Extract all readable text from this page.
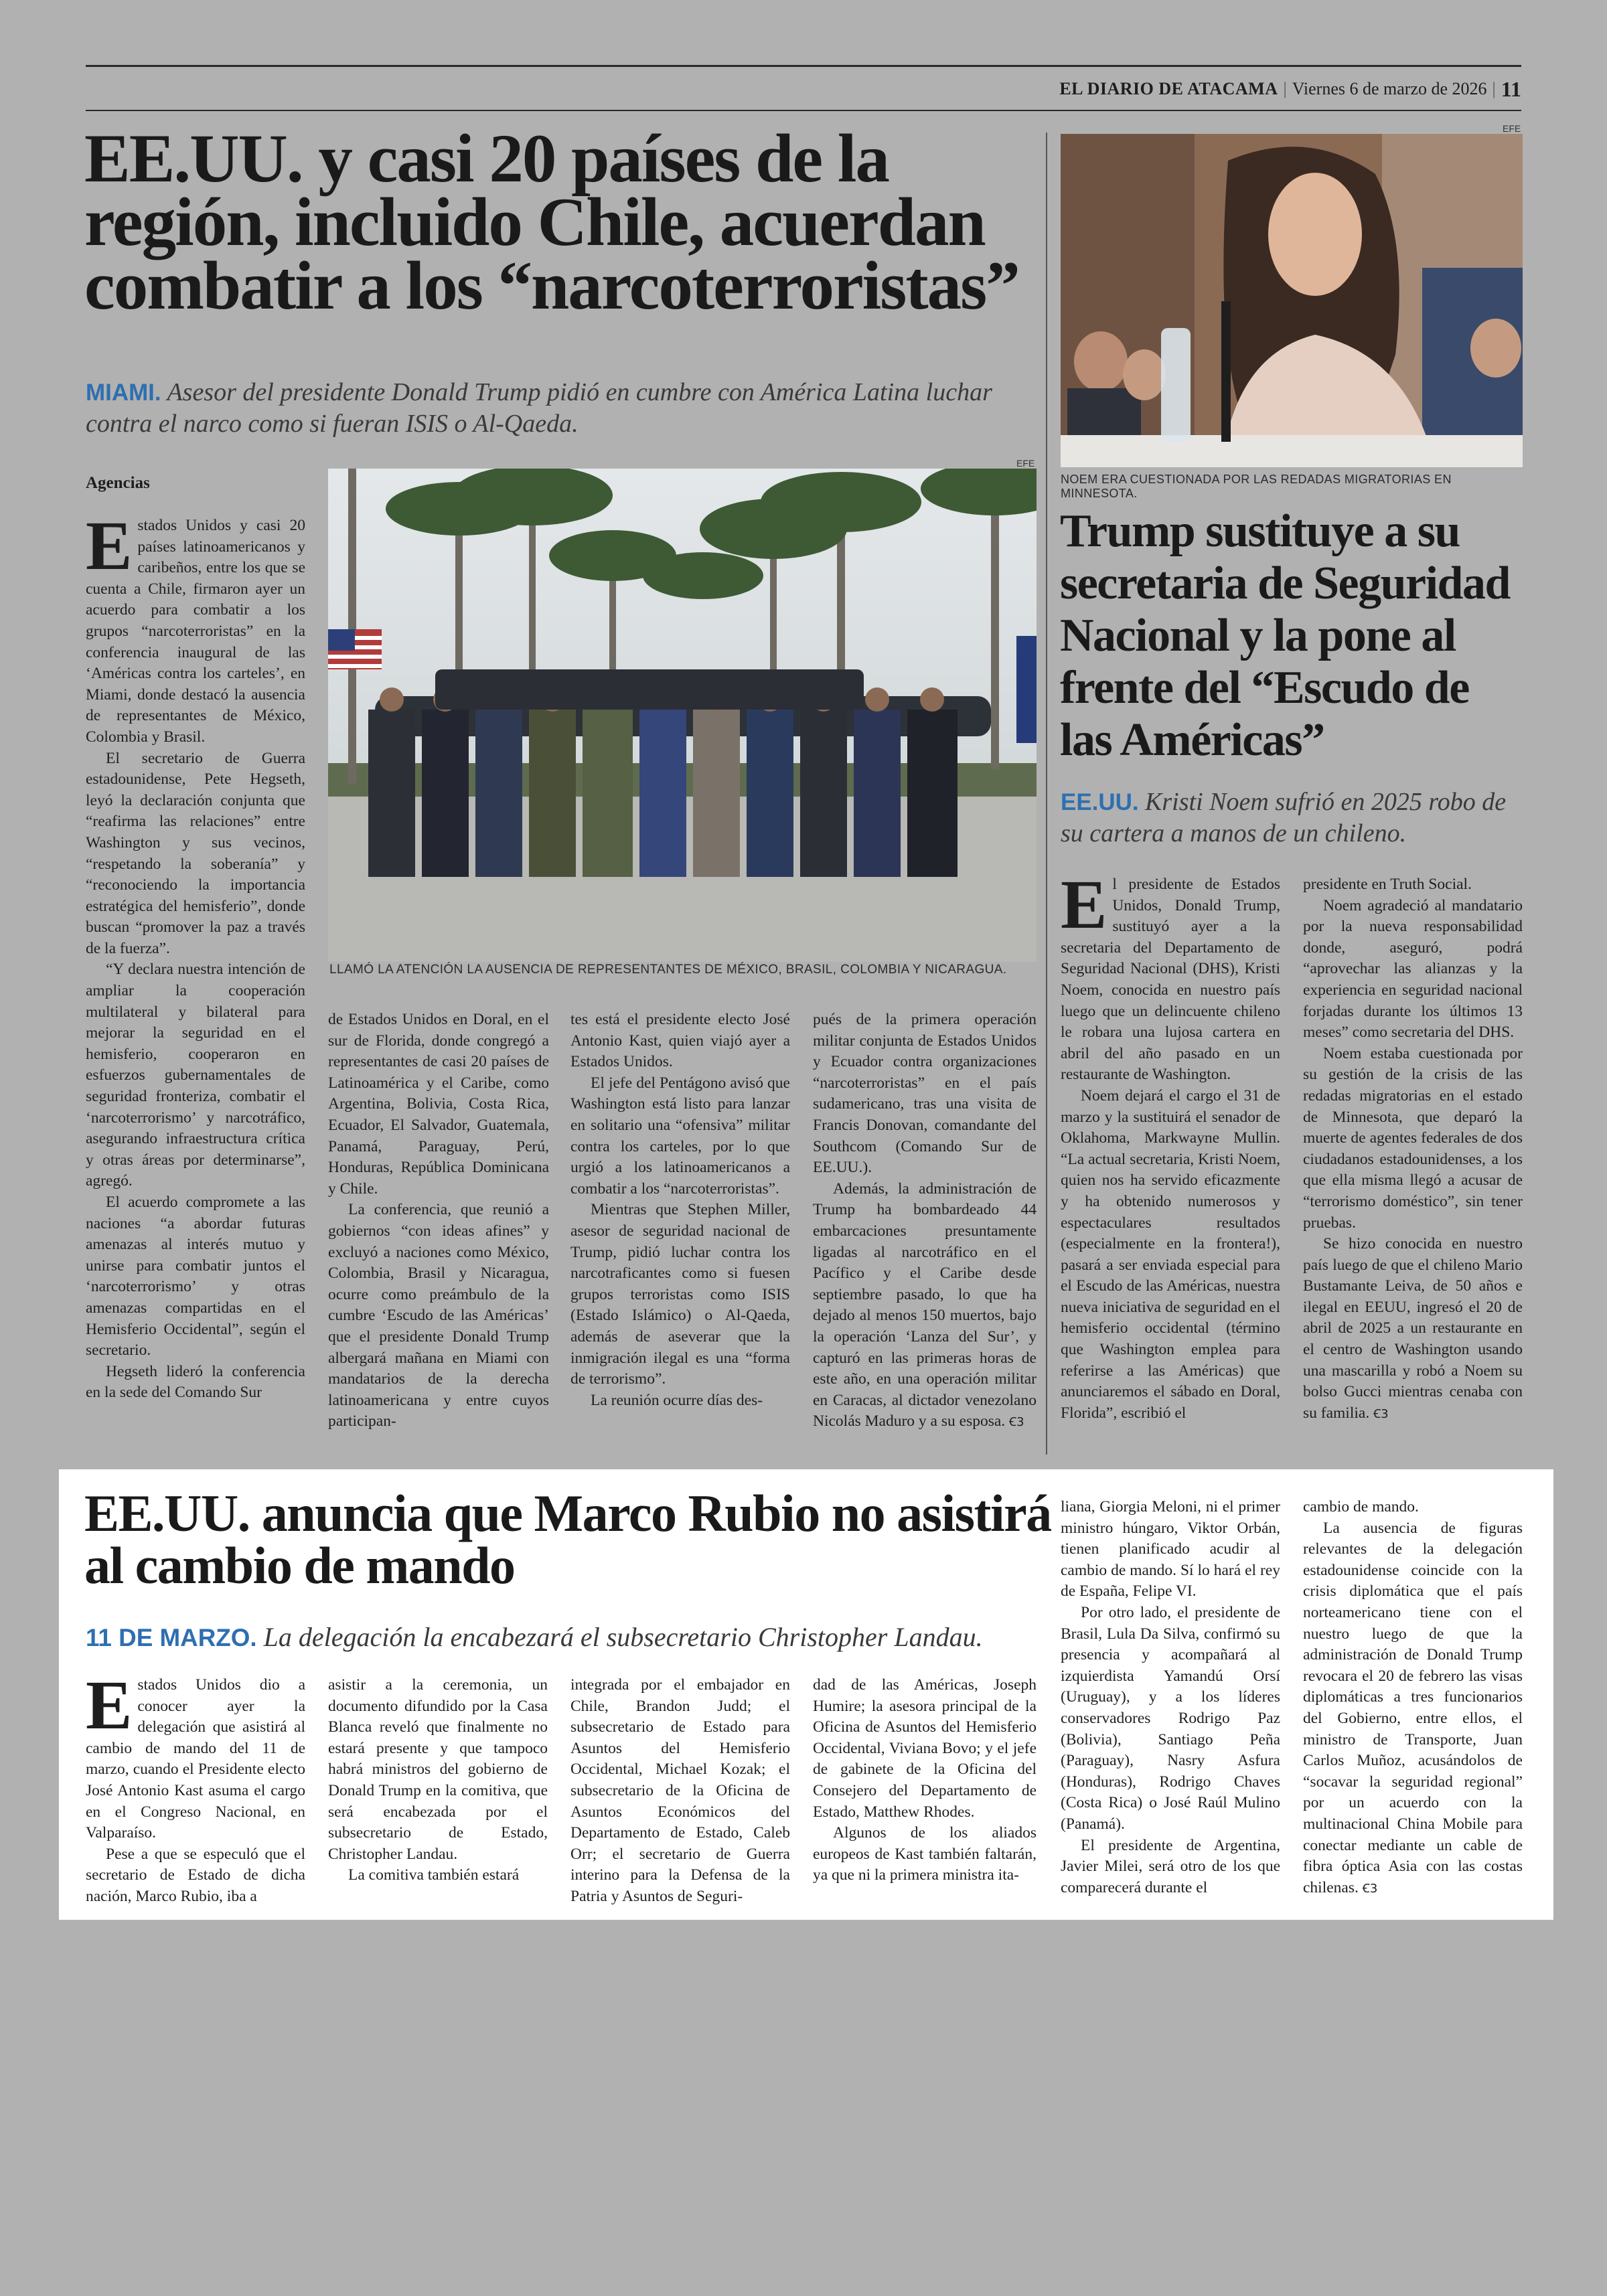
EL DIARIO DE ATACAMA | Viernes 6 de marzo de 2026 | 11
EE.UU. y casi 20 países de la región, incluido Chile, acuerdan combatir a los “narcoterroristas”
MIAMI. Asesor del presidente Donald Trump pidió en cumbre con América Latina luchar contra el narco como si fueran ISIS o Al-Qaeda.
Agencias

Estados Unidos y casi 20 países latinoamericanos y caribeños, entre los que se cuenta a Chile, firmaron ayer un acuerdo para combatir a los grupos “narcoterroristas” en la conferencia inaugural de las ‘Américas contra los carteles’, en Miami, donde destacó la ausencia de representantes de México, Colombia y Brasil.

El secretario de Guerra estadounidense, Pete Hegseth, leyó la declaración conjunta que “reafirma las relaciones” entre Washington y sus vecinos, “respetando la soberanía” y “reconociendo la importancia estratégica del hemisferio”, donde buscan “promover la paz a través de la fuerza”.

“Y declara nuestra intención de ampliar la cooperación multilateral y bilateral para mejorar la seguridad en el hemisferio, cooperaron en esfuerzos gubernamentales de seguridad fronteriza, combatir el ‘narcoterrorismo’ y narcotráfico, asegurando infraestructura crítica y otras áreas por determinarse”, agregó.

El acuerdo compromete a las naciones “a abordar futuras amenazas al interés mutuo y unirse para combatir juntos el ‘narcoterrorismo’ y otras amenazas compartidas en el Hemisferio Occidental”, según el secretario.

Hegseth lideró la conferencia en la sede del Comando Sur

EFE
LLAMÓ LA ATENCIÓN LA AUSENCIA DE REPRESENTANTES DE MÉXICO, BRASIL, COLOMBIA Y NICARAGUA.

de Estados Unidos en Doral, en el sur de Florida, donde congregó a representantes de casi 20 países de Latinoamérica y el Caribe, como Argentina, Bolivia, Costa Rica, Ecuador, El Salvador, Guatemala, Panamá, Paraguay, Perú, Honduras, República Dominicana y Chile.

La conferencia, que reunió a gobiernos “con ideas afines” y excluyó a naciones como México, Colombia, Brasil y Nicaragua, ocurre como preámbulo de la cumbre ‘Escudo de las Américas’ que el presidente Donald Trump albergará mañana en Miami con mandatarios de la derecha latinoamericana y entre cuyos participan-

tes está el presidente electo José Antonio Kast, quien viajó ayer a Estados Unidos.

El jefe del Pentágono avisó que Washington está listo para lanzar en solitario una “ofensiva” militar contra los carteles, por lo que urgió a los latinoamericanos a combatir a los “narcoterroristas”.

Mientras que Stephen Miller, asesor de seguridad nacional de Trump, pidió luchar contra los narcotraficantes como si fuesen grupos terroristas como ISIS (Estado Islámico) o Al-Qaeda, además de aseverar que la inmigración ilegal es una “forma de terrorismo”.

La reunión ocurre días des-

pués de la primera operación militar conjunta de Estados Unidos y Ecuador contra organizaciones “narcoterroristas” en el país sudamericano, tras una visita de Francis Donovan, comandante del Southcom (Comando Sur de EE.UU.).

Además, la administración de Trump ha bombardeado 44 embarcaciones presuntamente ligadas al narcotráfico en el Pacífico y el Caribe desde septiembre pasado, lo que ha dejado al menos 150 muertos, bajo la operación ‘Lanza del Sur’, y capturó en las primeras horas de este año, en una operación militar en Caracas, al dictador venezolano Nicolás Maduro y a su esposa. Ꞓ3

EFE
NOEM ERA CUESTIONADA POR LAS REDADAS MIGRATORIAS EN MINNESOTA.
Trump sustituye a su secretaria de Seguridad Nacional y la pone al frente del “Escudo de las Américas”
EE.UU. Kristi Noem sufrió en 2025 robo de su cartera a manos de un chileno.

El presidente de Estados Unidos, Donald Trump, sustituyó ayer a la secretaria del Departamento de Seguridad Nacional (DHS), Kristi Noem, conocida en nuestro país luego que un delincuente chileno le robara una lujosa cartera en abril del año pasado en un restaurante de Washington.

Noem dejará el cargo el 31 de marzo y la sustituirá el senador de Oklahoma, Markwayne Mullin. “La actual secretaria, Kristi Noem, quien nos ha servido eficazmente y ha obtenido numerosos y espectaculares resultados (especialmente en la frontera!), pasará a ser enviada especial para el Escudo de las Américas, nuestra nueva iniciativa de seguridad en el hemisferio occidental (término que Washington emplea para referirse a las Américas) que anunciaremos el sábado en Doral, Florida”, escribió el

presidente en Truth Social.

Noem agradeció al mandatario por la nueva responsabilidad donde, aseguró, podrá “aprovechar las alianzas y la experiencia en seguridad nacional forjadas durante los últimos 13 meses” como secretaria del DHS.

Noem estaba cuestionada por su gestión de la crisis de las redadas migratorias en el estado de Minnesota, que deparó la muerte de agentes federales de dos ciudadanos estadounidenses, a los que ella misma llegó a acusar de “terrorismo doméstico”, sin tener pruebas.

Se hizo conocida en nuestro país luego de que el chileno Mario Bustamante Leiva, de 50 años e ilegal en EEUU, ingresó el 20 de abril de 2025 a un restaurante en el centro de Washington usando una mascarilla y robó a Noem su bolso Gucci mientras cenaba con su familia. Ꞓ3

EE.UU. anuncia que Marco Rubio no asistirá al cambio de mando
11 DE MARZO. La delegación la encabezará el subsecretario Christopher Landau.

Estados Unidos dio a conocer ayer la delegación que asistirá al cambio de mando del 11 de marzo, cuando el Presidente electo José Antonio Kast asuma el cargo en el Congreso Nacional, en Valparaíso.

Pese a que se especuló que el secretario de Estado de dicha nación, Marco Rubio, iba a

asistir a la ceremonia, un documento difundido por la Casa Blanca reveló que finalmente no estará presente y que tampoco habrá ministros del gobierno de Donald Trump en la comitiva, que será encabezada por el subsecretario de Estado, Christopher Landau.

La comitiva también estará

integrada por el embajador en Chile, Brandon Judd; el subsecretario de Estado para Asuntos del Hemisferio Occidental, Michael Kozak; el subsecretario de la Oficina de Asuntos Económicos del Departamento de Estado, Caleb Orr; el secretario de Guerra interino para la Defensa de la Patria y Asuntos de Seguri-

dad de las Américas, Joseph Humire; la asesora principal de la Oficina de Asuntos del Hemisferio Occidental, Viviana Bovo; y el jefe de gabinete de la Oficina del Consejero del Departamento de Estado, Matthew Rhodes.

Algunos de los aliados europeos de Kast también faltarán, ya que ni la primera ministra ita-

liana, Giorgia Meloni, ni el primer ministro húngaro, Viktor Orbán, tienen planificado acudir al cambio de mando. Sí lo hará el rey de España, Felipe VI.

Por otro lado, el presidente de Brasil, Lula Da Silva, confirmó su presencia y acompañará al izquierdista Yamandú Orsí (Uruguay), y a los líderes conservadores Rodrigo Paz (Bolivia), Santiago Peña (Paraguay), Nasry Asfura (Honduras), Rodrigo Chaves (Costa Rica) o José Raúl Mulino (Panamá).

El presidente de Argentina, Javier Milei, será otro de los que comparecerá durante el

cambio de mando.

La ausencia de figuras relevantes de la delegación estadounidense coincide con la crisis diplomática que el país norteamericano tiene con el nuestro luego de que la administración de Donald Trump revocara el 20 de febrero las visas diplomáticas a tres funcionarios del Gobierno, entre ellos, el ministro de Transporte, Juan Carlos Muñoz, acusándolos de “socavar la seguridad regional” por un acuerdo con la multinacional China Mobile para conectar mediante un cable de fibra óptica Asia con las costas chilenas. Ꞓ3
